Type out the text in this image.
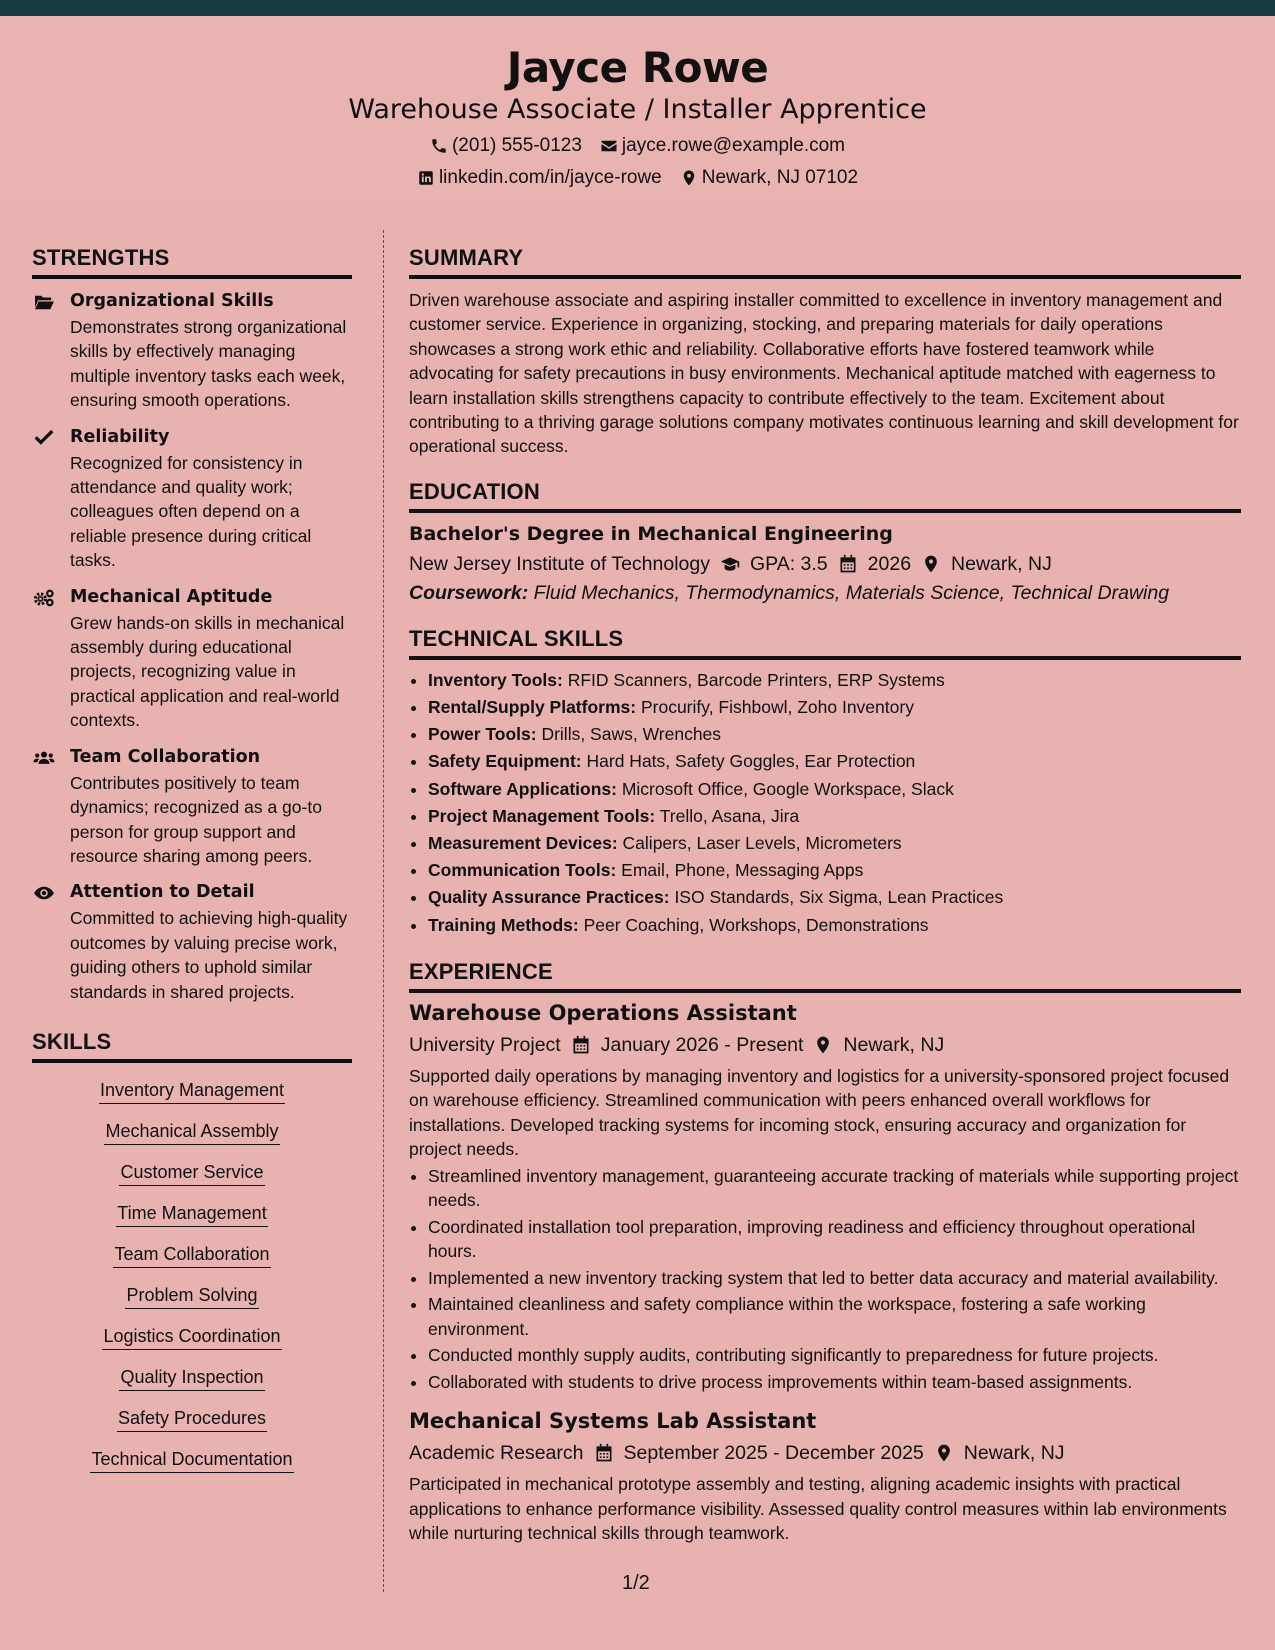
Jayce Rowe
Warehouse Associate / Installer Apprentice
(201) 555-0123 jayce.rowe@example.com
linkedin.com/in/jayce-rowe Newark, NJ 07102
STRENGTHS
Organizational Skills
Demonstrates strong organizational skills by effectively managing multiple inventory tasks each week, ensuring smooth operations.
Reliability
Recognized for consistency in attendance and quality work; colleagues often depend on a reliable presence during critical tasks.
Mechanical Aptitude
Grew hands-on skills in mechanical assembly during educational projects, recognizing value in practical application and real-world contexts.
Team Collaboration
Contributes positively to team dynamics; recognized as a go-to person for group support and resource sharing among peers.
Attention to Detail
Committed to achieving high-quality outcomes by valuing precise work, guiding others to uphold similar standards in shared projects.
SKILLS
Inventory Management
Mechanical Assembly
Customer Service
Time Management
Team Collaboration
Problem Solving
Logistics Coordination
Quality Inspection
Safety Procedures
Technical Documentation
SUMMARY
Driven warehouse associate and aspiring installer committed to excellence in inventory management and customer service. Experience in organizing, stocking, and preparing materials for daily operations showcases a strong work ethic and reliability. Collaborative efforts have fostered teamwork while advocating for safety precautions in busy environments. Mechanical aptitude matched with eagerness to learn installation skills strengthens capacity to contribute effectively to the team. Excitement about contributing to a thriving garage solutions company motivates continuous learning and skill development for operational success.
EDUCATION
Bachelor's Degree in Mechanical Engineering
New Jersey Institute of Technology GPA: 3.5 2026 Newark, NJ
Coursework: Fluid Mechanics, Thermodynamics, Materials Science, Technical Drawing
TECHNICAL SKILLS
• Inventory Tools: RFID Scanners, Barcode Printers, ERP Systems
• Rental/Supply Platforms: Procurify, Fishbowl, Zoho Inventory
• Power Tools: Drills, Saws, Wrenches
• Safety Equipment: Hard Hats, Safety Goggles, Ear Protection
• Software Applications: Microsoft Office, Google Workspace, Slack
• Project Management Tools: Trello, Asana, Jira
• Measurement Devices: Calipers, Laser Levels, Micrometers
• Communication Tools: Email, Phone, Messaging Apps
• Quality Assurance Practices: ISO Standards, Six Sigma, Lean Practices
• Training Methods: Peer Coaching, Workshops, Demonstrations
EXPERIENCE
Warehouse Operations Assistant
University Project January 2026 - Present Newark, NJ
Supported daily operations by managing inventory and logistics for a university-sponsored project focused on warehouse efficiency. Streamlined communication with peers enhanced overall workflows for installations. Developed tracking systems for incoming stock, ensuring accuracy and organization for project needs.
• Streamlined inventory management, guaranteeing accurate tracking of materials while supporting project needs.
• Coordinated installation tool preparation, improving readiness and efficiency throughout operational hours.
• Implemented a new inventory tracking system that led to better data accuracy and material availability.
• Maintained cleanliness and safety compliance within the workspace, fostering a safe working environment.
• Conducted monthly supply audits, contributing significantly to preparedness for future projects.
• Collaborated with students to drive process improvements within team-based assignments.
Mechanical Systems Lab Assistant
Academic Research September 2025 - December 2025 Newark, NJ
Participated in mechanical prototype assembly and testing, aligning academic insights with practical applications to enhance performance visibility. Assessed quality control measures within lab environments while nurturing technical skills through teamwork.
1/2
